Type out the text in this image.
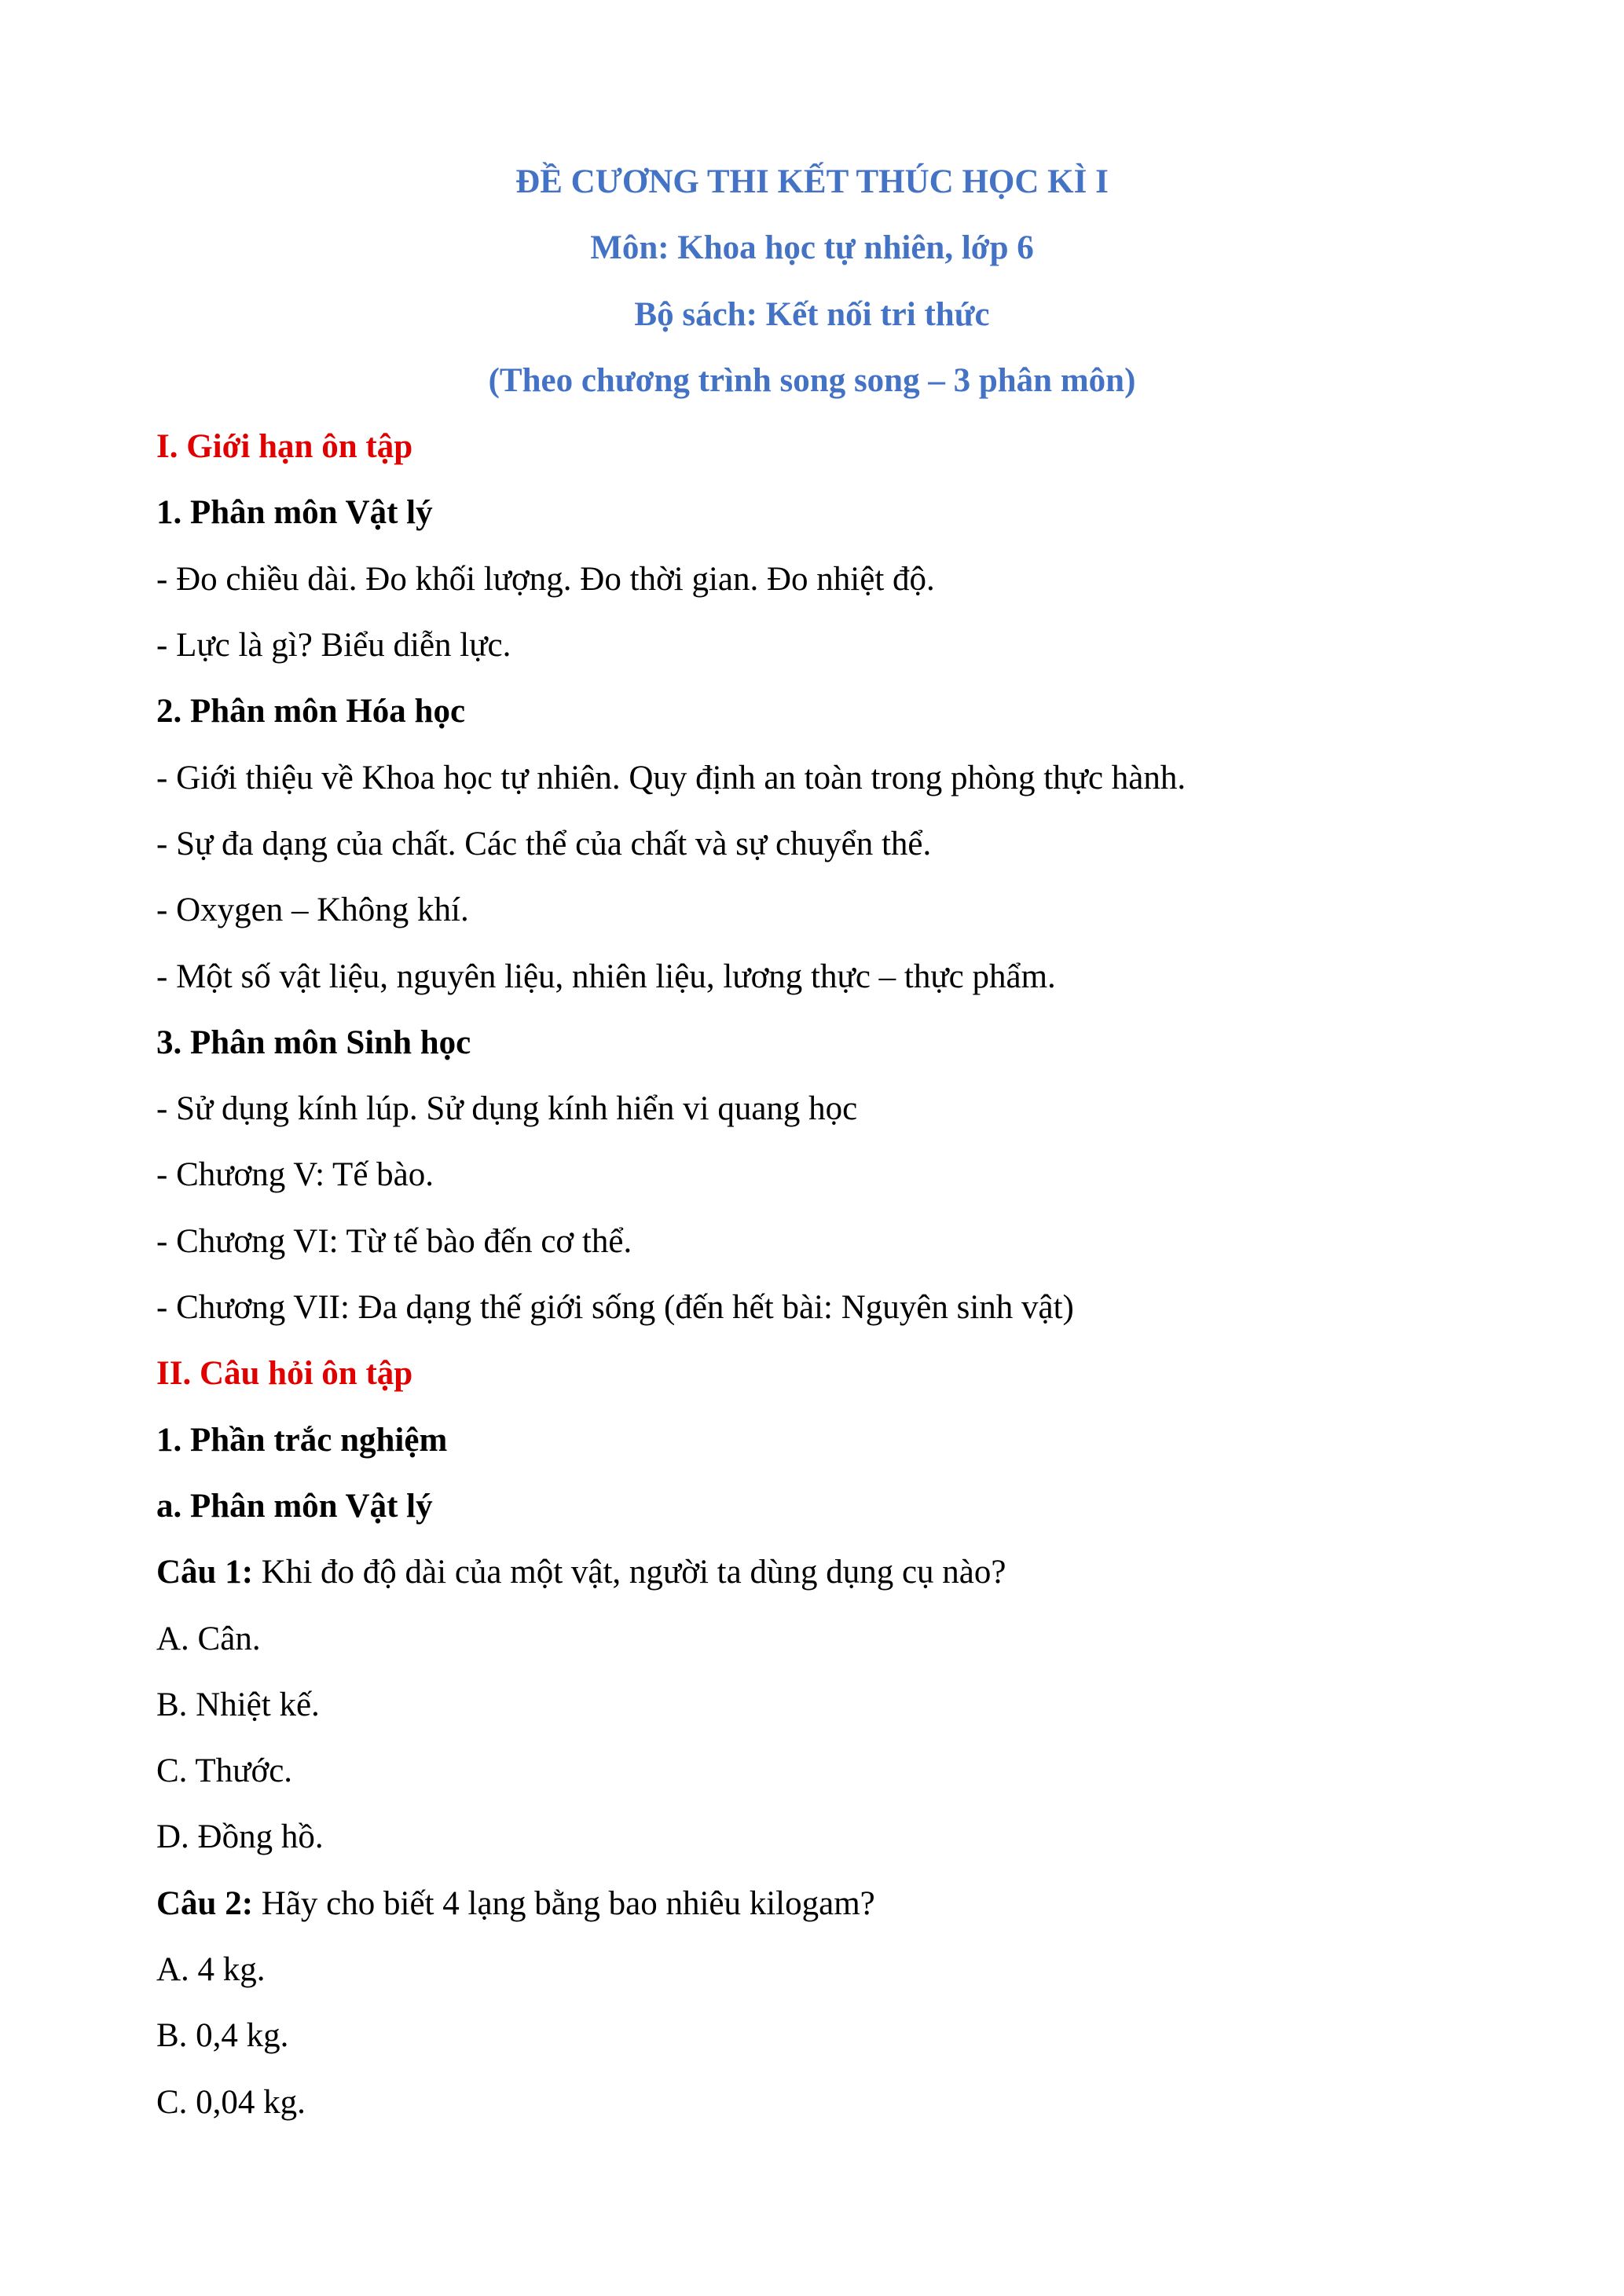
ĐỀ CƯƠNG THI KẾT THÚC HỌC KÌ I
Môn: Khoa học tự nhiên, lớp 6
Bộ sách: Kết nối tri thức
(Theo chương trình song song – 3 phân môn)
I. Giới hạn ôn tập
1. Phân môn Vật lý
- Đo chiều dài. Đo khối lượng. Đo thời gian. Đo nhiệt độ.
- Lực là gì? Biểu diễn lực.
2. Phân môn Hóa học
- Giới thiệu về Khoa học tự nhiên. Quy định an toàn trong phòng thực hành.
- Sự đa dạng của chất. Các thể của chất và sự chuyển thể.
- Oxygen – Không khí.
- Một số vật liệu, nguyên liệu, nhiên liệu, lương thực – thực phẩm.
3. Phân môn Sinh học
- Sử dụng kính lúp. Sử dụng kính hiển vi quang học
- Chương V: Tế bào.
- Chương VI: Từ tế bào đến cơ thể.
- Chương VII: Đa dạng thế giới sống (đến hết bài: Nguyên sinh vật)
II. Câu hỏi ôn tập
1. Phần trắc nghiệm
a. Phân môn Vật lý
Câu 1: Khi đo độ dài của một vật, người ta dùng dụng cụ nào?
A. Cân.
B. Nhiệt kế.
C. Thước.
D. Đồng hồ.
Câu 2: Hãy cho biết 4 lạng bằng bao nhiêu kilogam?
A. 4 kg.
B. 0,4 kg.
C. 0,04 kg.
